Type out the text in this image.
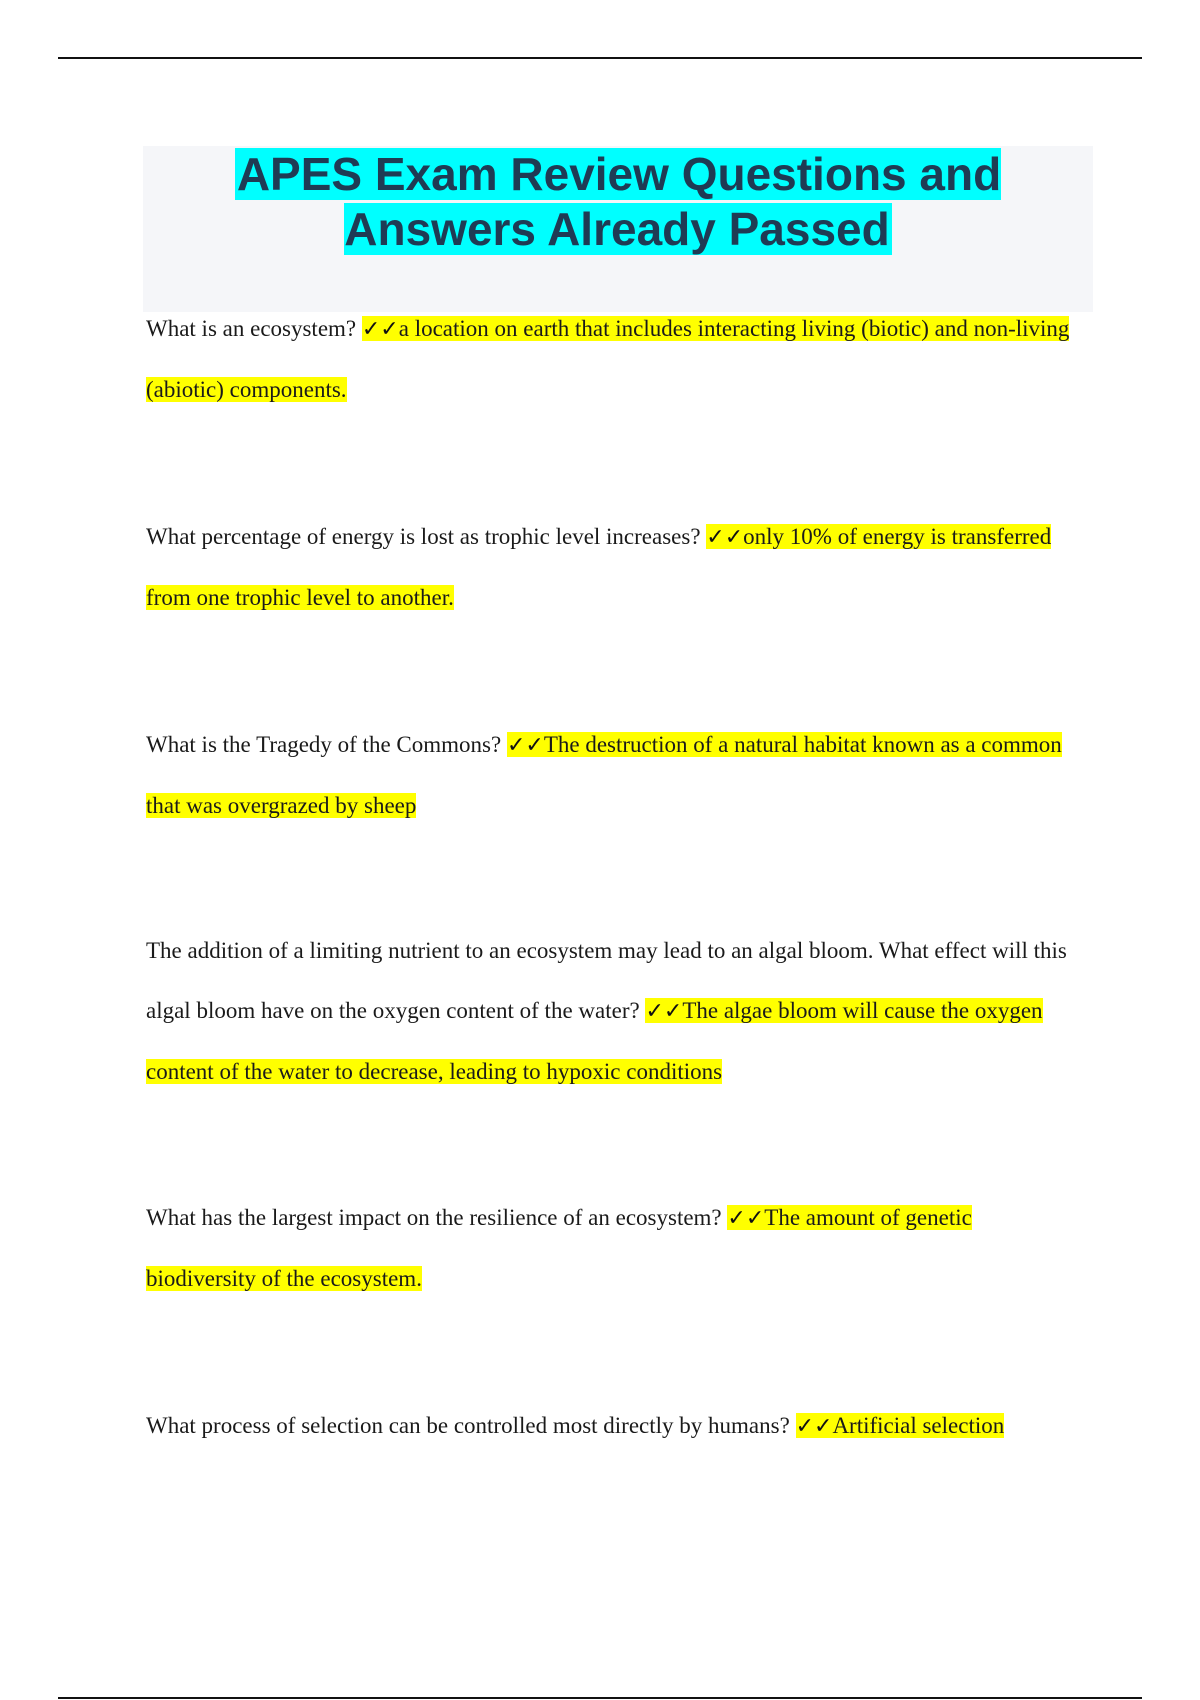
APES Exam Review Questions and Answers Already Passed
What is an ecosystem? ✓✓a location on earth that includes interacting living (biotic) and non-living (abiotic) components.
What percentage of energy is lost as trophic level increases? ✓✓only 10% of energy is transferred from one trophic level to another.
What is the Tragedy of the Commons? ✓✓The destruction of a natural habitat known as a common that was overgrazed by sheep
The addition of a limiting nutrient to an ecosystem may lead to an algal bloom. What effect will this algal bloom have on the oxygen content of the water? ✓✓The algae bloom will cause the oxygen content of the water to decrease, leading to hypoxic conditions
What has the largest impact on the resilience of an ecosystem? ✓✓The amount of genetic biodiversity of the ecosystem.
What process of selection can be controlled most directly by humans? ✓✓Artificial selection
